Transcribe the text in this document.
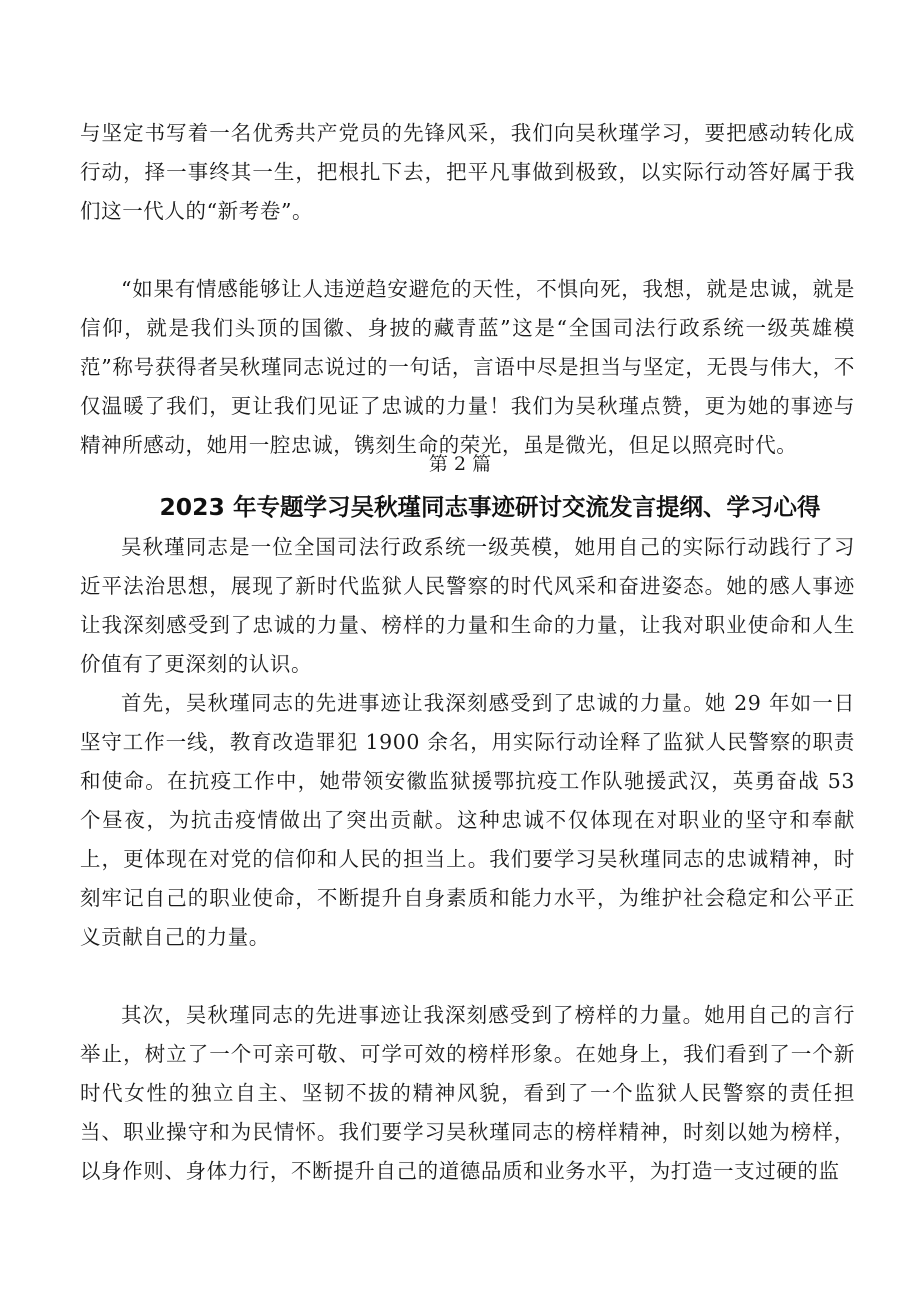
与坚定书写着一名优秀共产党员的先锋风采，我们向吴秋瑾学习，要把感动转化成行动，择一事终其一生，把根扎下去，把平凡事做到极致，以实际行动答好属于我们这一代人的“新考卷”。

“如果有情感能够让人违逆趋安避危的天性，不惧向死，我想，就是忠诚，就是信仰，就是我们头顶的国徽、身披的藏青蓝”这是“全国司法行政系统一级英雄模范”称号获得者吴秋瑾同志说过的一句话，言语中尽是担当与坚定，无畏与伟大，不仅温暖了我们，更让我们见证了忠诚的力量！我们为吴秋瑾点赞，更为她的事迹与精神所感动，她用一腔忠诚，镌刻生命的荣光，虽是微光，但足以照亮时代。

第 2 篇

2023 年专题学习吴秋瑾同志事迹研讨交流发言提纲、学习心得

吴秋瑾同志是一位全国司法行政系统一级英模，她用自己的实际行动践行了习近平法治思想，展现了新时代监狱人民警察的时代风采和奋进姿态。她的感人事迹让我深刻感受到了忠诚的力量、榜样的力量和生命的力量，让我对职业使命和人生价值有了更深刻的认识。

首先，吴秋瑾同志的先进事迹让我深刻感受到了忠诚的力量。她 29 年如一日坚守工作一线，教育改造罪犯 1900 余名，用实际行动诠释了监狱人民警察的职责和使命。在抗疫工作中，她带领安徽监狱援鄂抗疫工作队驰援武汉，英勇奋战 53 个昼夜，为抗击疫情做出了突出贡献。这种忠诚不仅体现在对职业的坚守和奉献上，更体现在对党的信仰和人民的担当上。我们要学习吴秋瑾同志的忠诚精神，时刻牢记自己的职业使命，不断提升自身素质和能力水平，为维护社会稳定和公平正义贡献自己的力量。

其次，吴秋瑾同志的先进事迹让我深刻感受到了榜样的力量。她用自己的言行举止，树立了一个可亲可敬、可学可效的榜样形象。在她身上，我们看到了一个新时代女性的独立自主、坚韧不拔的精神风貌，看到了一个监狱人民警察的责任担当、职业操守和为民情怀。我们要学习吴秋瑾同志的榜样精神，时刻以她为榜样，以身作则、身体力行，不断提升自己的道德品质和业务水平，为打造一支过硬的监
